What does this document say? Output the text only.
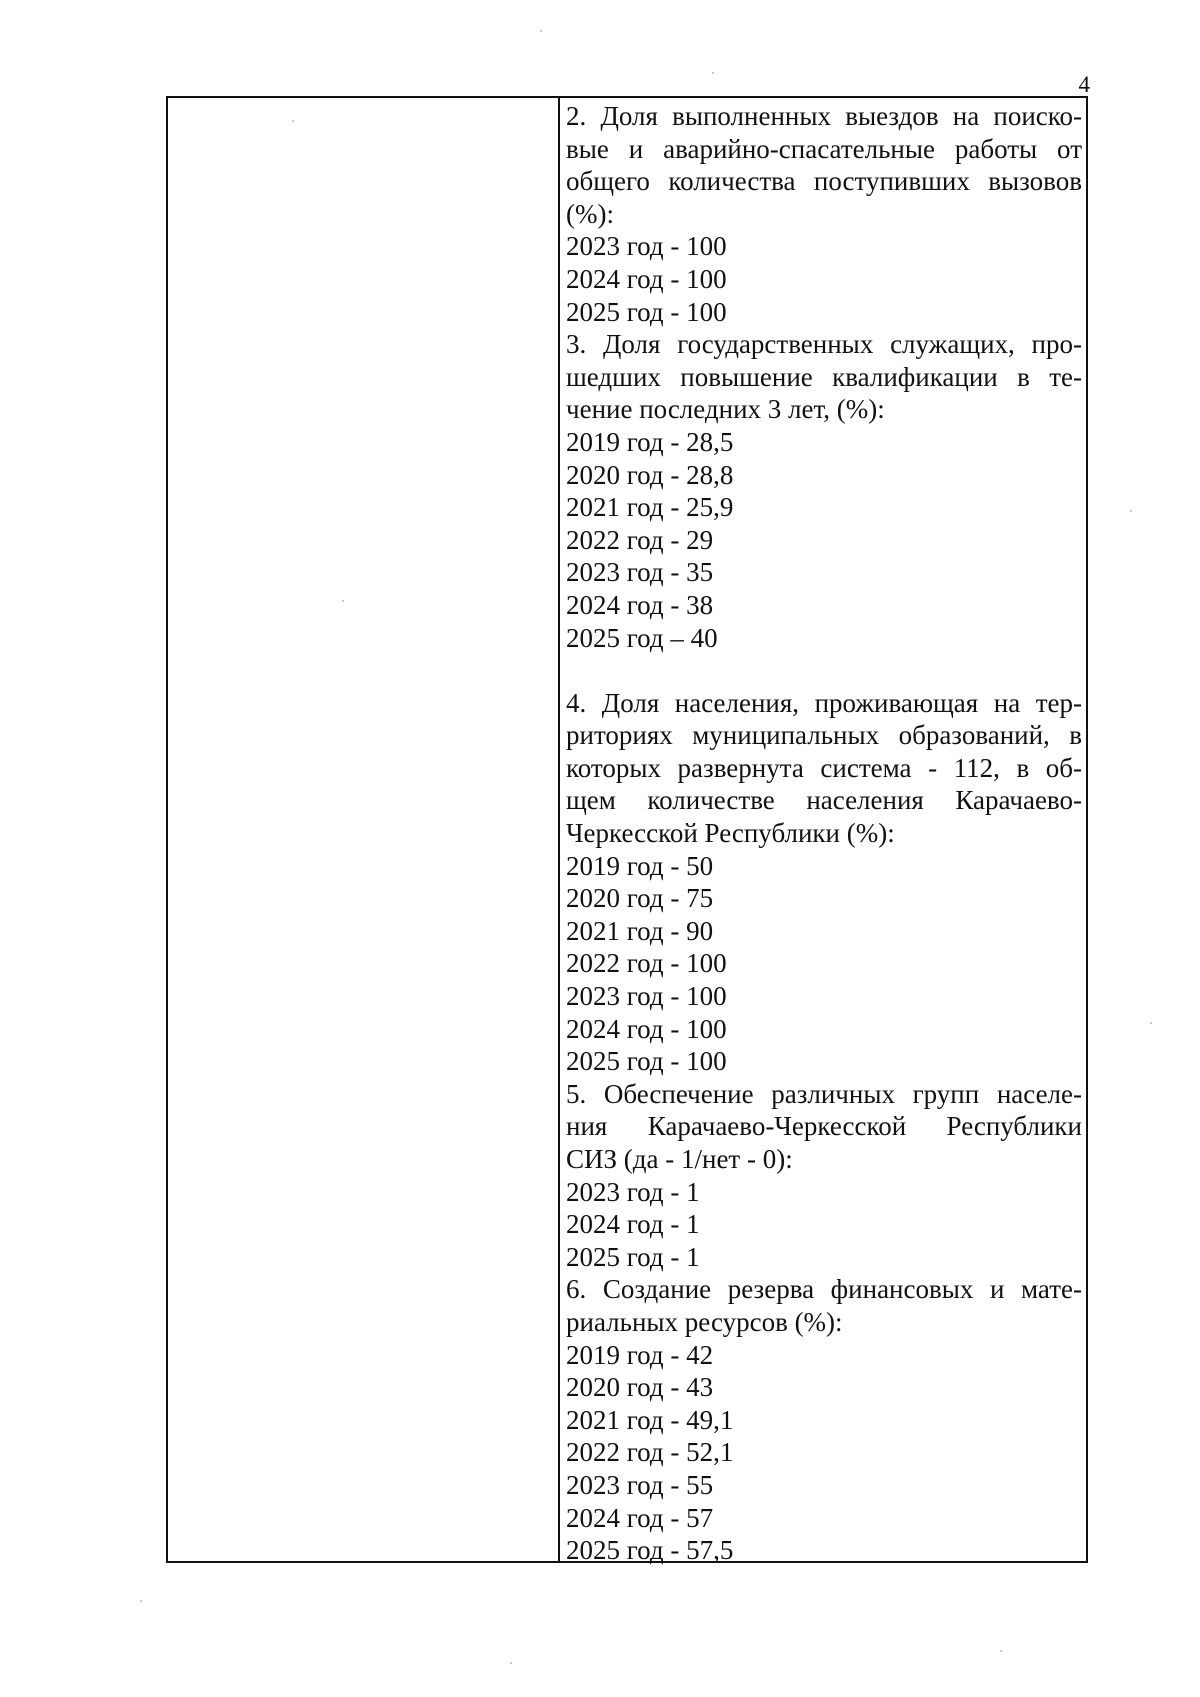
4
2. Доля выполненных выездов на поиско-
вые и аварийно-спасательные работы от
общего количества поступивших вызовов
(%):
2023 год - 100
2024 год - 100
2025 год - 100
3. Доля государственных служащих, про-
шедших повышение квалификации в те-
чение последних 3 лет, (%):
2019 год - 28,5
2020 год - 28,8
2021 год - 25,9
2022 год - 29
2023 год - 35
2024 год - 38
2025 год – 40
4. Доля населения, проживающая на тер-
риториях муниципальных образований, в
которых развернута система - 112, в об-
щем количестве населения Карачаево-
Черкесской Республики (%):
2019 год - 50
2020 год - 75
2021 год - 90
2022 год - 100
2023 год - 100
2024 год - 100
2025 год - 100
5. Обеспечение различных групп населе-
ния Карачаево-Черкесской Республики
СИЗ (да - 1/нет - 0):
2023 год - 1
2024 год - 1
2025 год - 1
6. Создание резерва финансовых и мате-
риальных ресурсов (%):
2019 год - 42
2020 год - 43
2021 год - 49,1
2022 год - 52,1
2023 год - 55
2024 год - 57
2025 год - 57,5
